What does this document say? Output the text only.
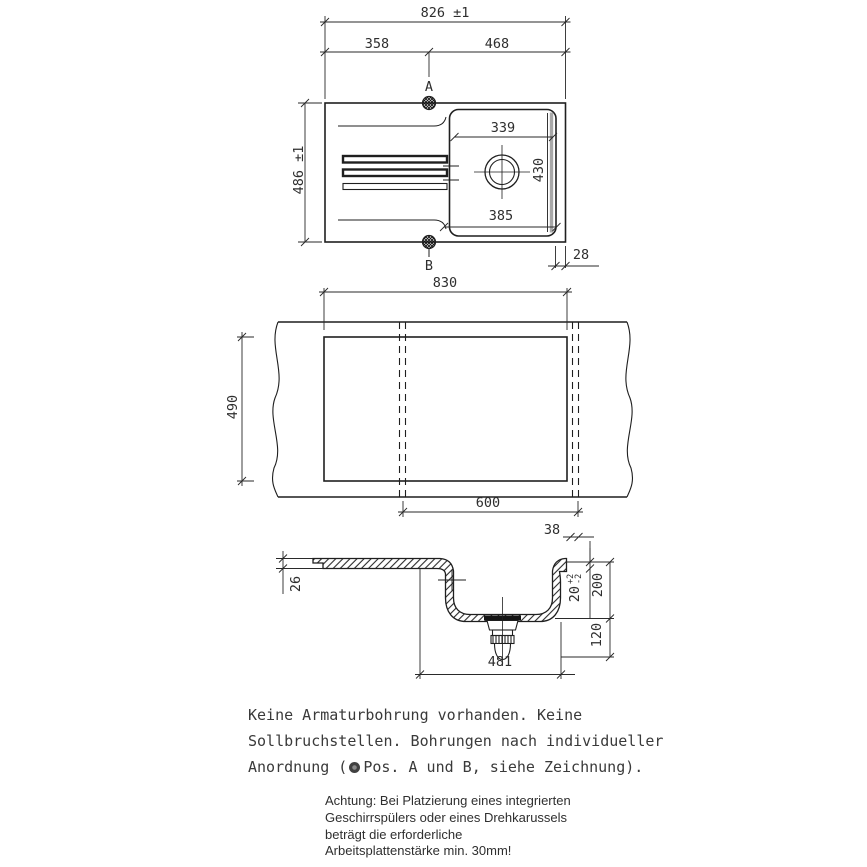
826 ±1
358	468
A
B
486 ±1
339
385
430
28
830
490
600
38
26
20
+2
-2 200
120
481
Keine Armaturbohrung vorhanden. Keine
Sollbruchstellen. Bohrungen nach individueller
Anordnung ( Pos. A und B, siehe Zeichnung).
Achtung: Bei Platzierung eines integrierten
Geschirrspülers oder eines Drehkarussels
beträgt die erforderliche
Arbeitsplattenstärke min. 30mm!
